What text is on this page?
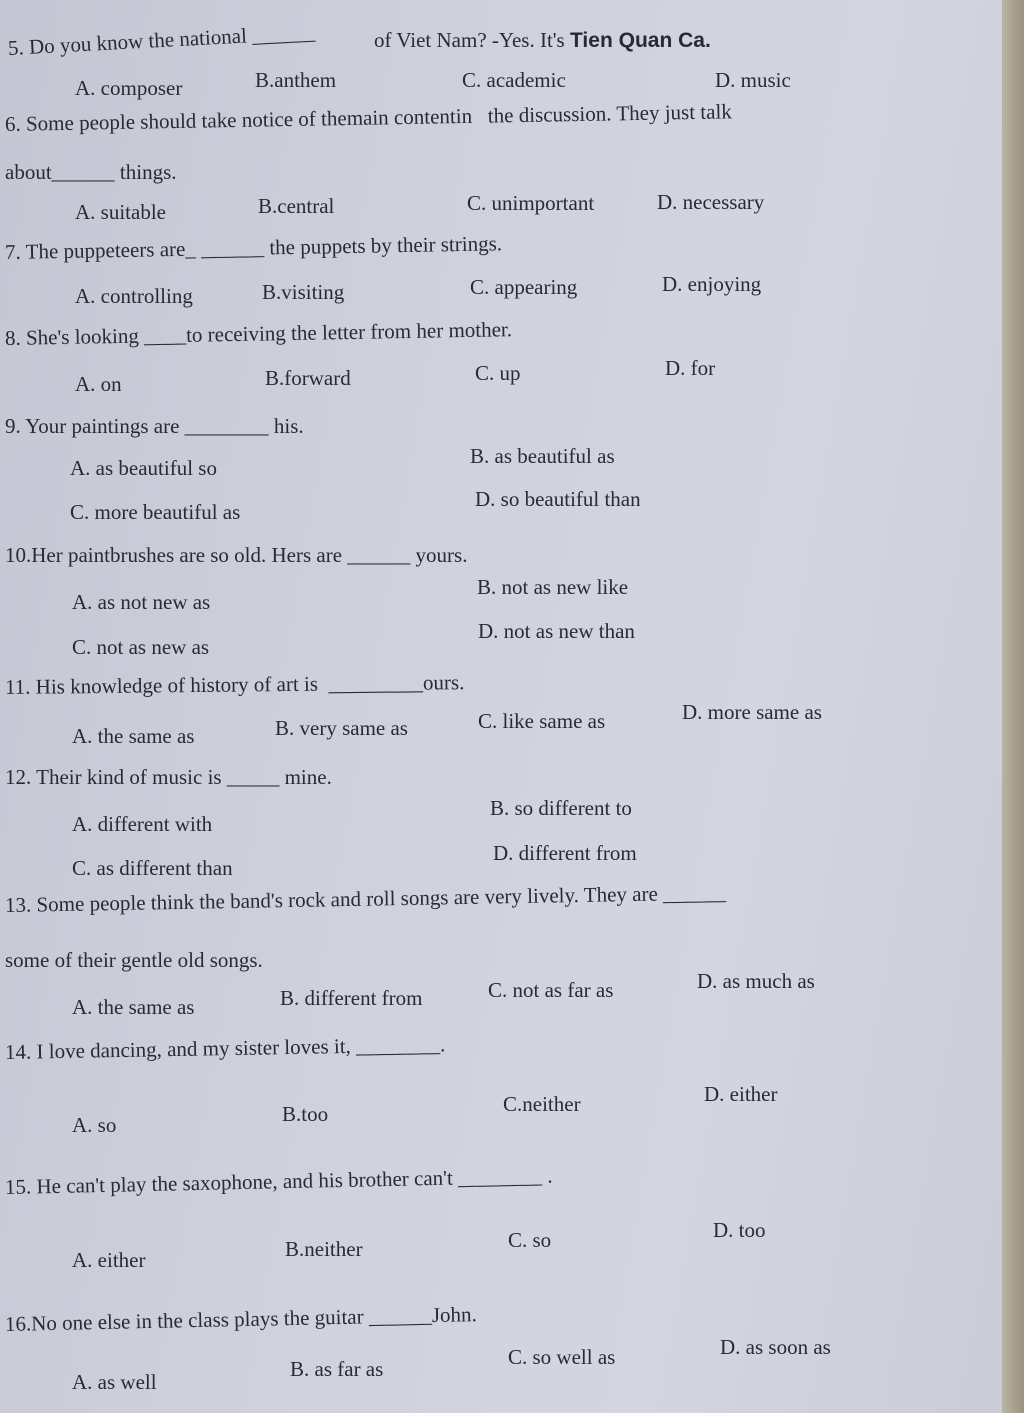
5. Do you know the national ______	of Viet Nam? -Yes. It's Tien Quan Ca.
A. composer	B.anthem	C. academic	D. music
6. Some people should take notice of themain contentin   the discussion. They just talk
about______ things.
A. suitable	B.central	C. unimportant	D. necessary
7. The puppeteers are_ ______ the puppets by their strings.
A. controlling	B.visiting	C. appearing	D. enjoying
8. She's looking ____to receiving the letter from her mother.
A. on	B.forward	C. up	D. for
9. Your paintings are ________ his.
A. as beautiful so	B. as beautiful as
C. more beautiful as
D. so beautiful than
10.Her paintbrushes are so old. Hers are ______ yours.
A. as not new as
B. not as new like
C. not as new as
D. not as new than
11. His knowledge of history of art is  _________ours.
A. the same as	B. very same as	C. like same as	D. more same as
12. Their kind of music is _____ mine.
A. different with
B. so different to
C. as different than
D. different from
13. Some people think the band's rock and roll songs are very lively. They are ______
some of their gentle old songs.
A. the same as	B. different from	C. not as far as	D. as much as
14. I love dancing, and my sister loves it, ________.
A. so	B.too	C.neither	D. either
15. He can't play the saxophone, and his brother can't ________ .
A. either	B.neither	C. so	D. too
16.No one else in the class plays the guitar ______John.
A. as well
B. as far as	C. so well as	D. as soon as
